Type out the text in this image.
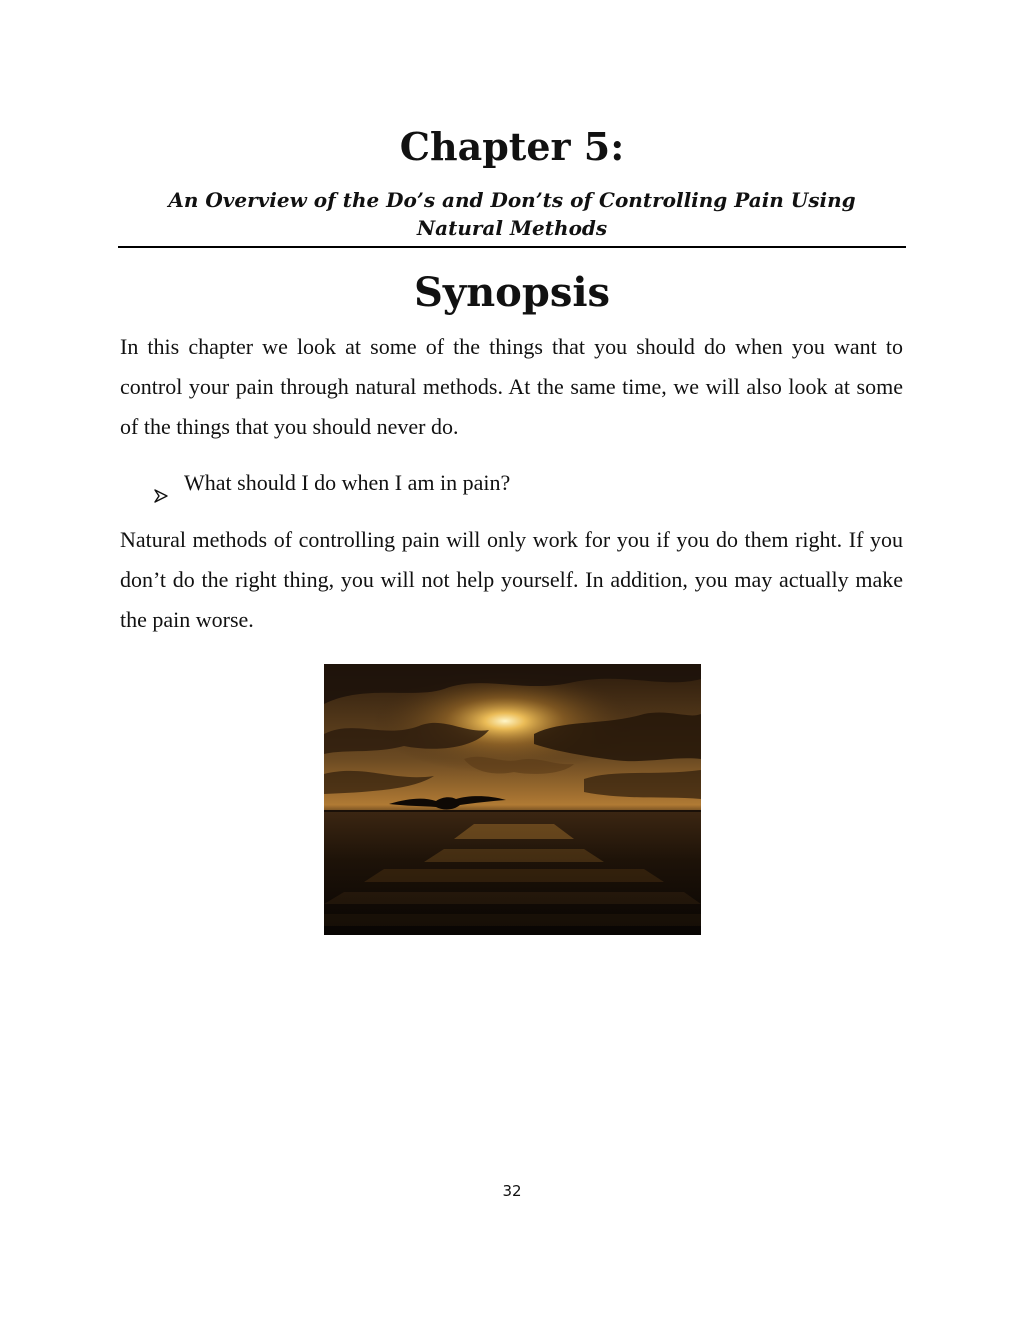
Chapter 5:
An Overview of the Do’s and Don’ts of Controlling Pain Using
Natural Methods
Synopsis

In this chapter we look at some of the things that you should do when you want to control your pain through natural methods. At the same time, we will also look at some of the things that you should never do.

What should I do when I am in pain?

Natural methods of controlling pain will only work for you if you do them right. If you don’t do the right thing, you will not help yourself. In addition, you may actually make the pain worse.

32
